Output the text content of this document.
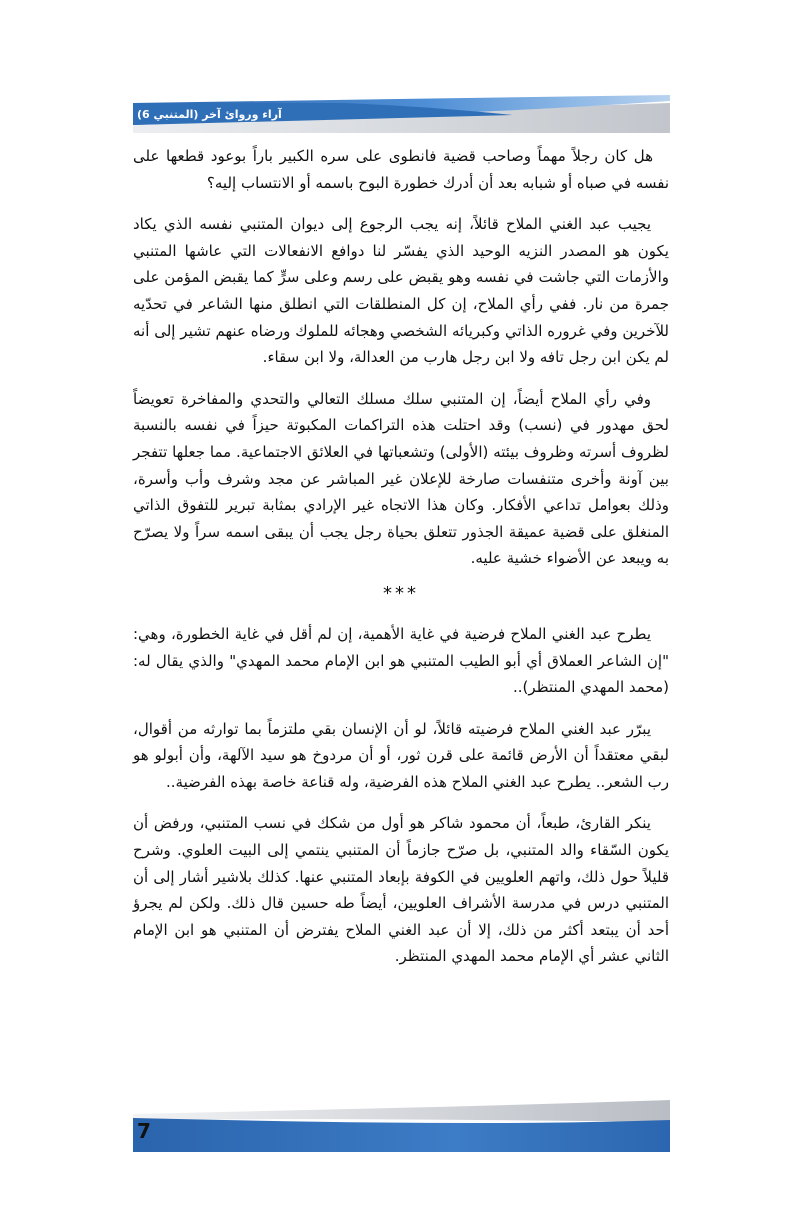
آراء وروائ آخر (المتنبي 6)

هل كان رجلاً مهماً وصاحب قضية فانطوى على سره الكبير باراً بوعود قطعها على نفسه في صباه أو شبابه بعد أن أدرك خطورة البوح باسمه أو الانتساب إليه؟

يجيب عبد الغني الملاح قائلاً، إنه يجب الرجوع إلى ديوان المتنبي نفسه الذي يكاد يكون هو المصدر النزيه الوحيد الذي يفسّر لنا دوافع الانفعالات التي عاشها المتنبي والأزمات التي جاشت في نفسه وهو يقبض على رسم وعلى سرٍّ كما يقبض المؤمن على جمرة من نار. ففي رأي الملاح، إن كل المنطلقات التي انطلق منها الشاعر في تحدّيه للآخرين وفي غروره الذاتي وكبريائه الشخصي وهجائه للملوك ورضاه عنهم تشير إلى أنه لم يكن ابن رجل تافه ولا ابن رجل هارب من العدالة، ولا ابن سقاء.

وفي رأي الملاح أيضاً، إن المتنبي سلك مسلك التعالي والتحدي والمفاخرة تعويضاً لحق مهدور في (نسب) وقد احتلت هذه التراكمات المكبوتة حيزاً في نفسه بالنسبة لظروف أسرته وظروف بيئته (الأولى) وتشعباتها في العلائق الاجتماعية. مما جعلها تتفجر بين آونة وأخرى متنفسات صارخة للإعلان غير المباشر عن مجد وشرف وأب وأسرة، وذلك بعوامل تداعي الأفكار. وكان هذا الاتجاه غير الإرادي بمثابة تبرير للتفوق الذاتي المنغلق على قضية عميقة الجذور تتعلق بحياة رجل يجب أن يبقى اسمه سراً ولا يصرّح به ويبعد عن الأضواء خشية عليه.

***

يطرح عبد الغني الملاح فرضية في غاية الأهمية، إن لم أقل في غاية الخطورة، وهي: "إن الشاعر العملاق أي أبو الطيب المتنبي هو ابن الإمام محمد المهدي" والذي يقال له: (محمد المهدي المنتظر)..

يبرّر عبد الغني الملاح فرضيته قائلاً، لو أن الإنسان بقي ملتزماً بما توارثه من أقوال، لبقي معتقداً أن الأرض قائمة على قرن ثور، أو أن مردوخ هو سيد الآلهة، وأن أبولو هو رب الشعر.. يطرح عبد الغني الملاح هذه الفرضية، وله قناعة خاصة بهذه الفرضية..

ينكر القارئ، طبعاً، أن محمود شاكر هو أول من شكك في نسب المتنبي، ورفض أن يكون السّقاء والد المتنبي، بل صرّح جازماً أن المتنبي ينتمي إلى البيت العلوي. وشرح قليلاً حول ذلك، واتهم العلويين في الكوفة بإبعاد المتنبي عنها. كذلك بلاشير أشار إلى أن المتنبي درس في مدرسة الأشراف العلويين، أيضاً طه حسين قال ذلك. ولكن لم يجرؤ أحد أن يبتعد أكثر من ذلك، إلا أن عبد الغني الملاح يفترض أن المتنبي هو ابن الإمام الثاني عشر أي الإمام محمد المهدي المنتظر.

7
